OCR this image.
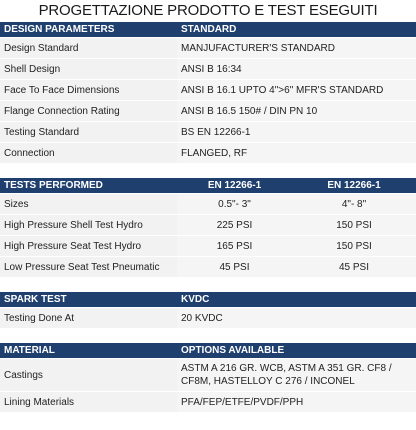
PROGETTAZIONE PRODOTTO E TEST ESEGUITI
DESIGN PARAMETERS	STANDARD	
Design Standard	MANJUFACTURER'S STANDARD	
Shell Design	ANSI B 16:34	
Face To Face Dimensions	ANSI B 16.1 UPTO 4">6" MFR'S STANDARD	
Flange Connection Rating	ANSI B 16.5 150# / DIN PN 10	
Testing Standard	BS EN 12266-1	
Connection	FLANGED, RF	

TESTS PERFORMED	EN 12266-1	EN 12266-1
Sizes	0.5"- 3"	4"- 8"
High Pressure Shell Test Hydro	225 PSI	150 PSI
High Pressure Seat Test Hydro	165 PSI	150 PSI
Low Pressure Seat Test Pneumatic	45 PSI	45 PSI

SPARK TEST	KVDC	
Testing Done At	20 KVDC	

MATERIAL	OPTIONS AVAILABLE	
Castings	ASTM A 216 GR. WCB, ASTM A 351 GR. CF8 / CF8M, HASTELLOY C 276 / INCONEL	
Lining Materials	PFA/FEP/ETFE/PVDF/PPH	
